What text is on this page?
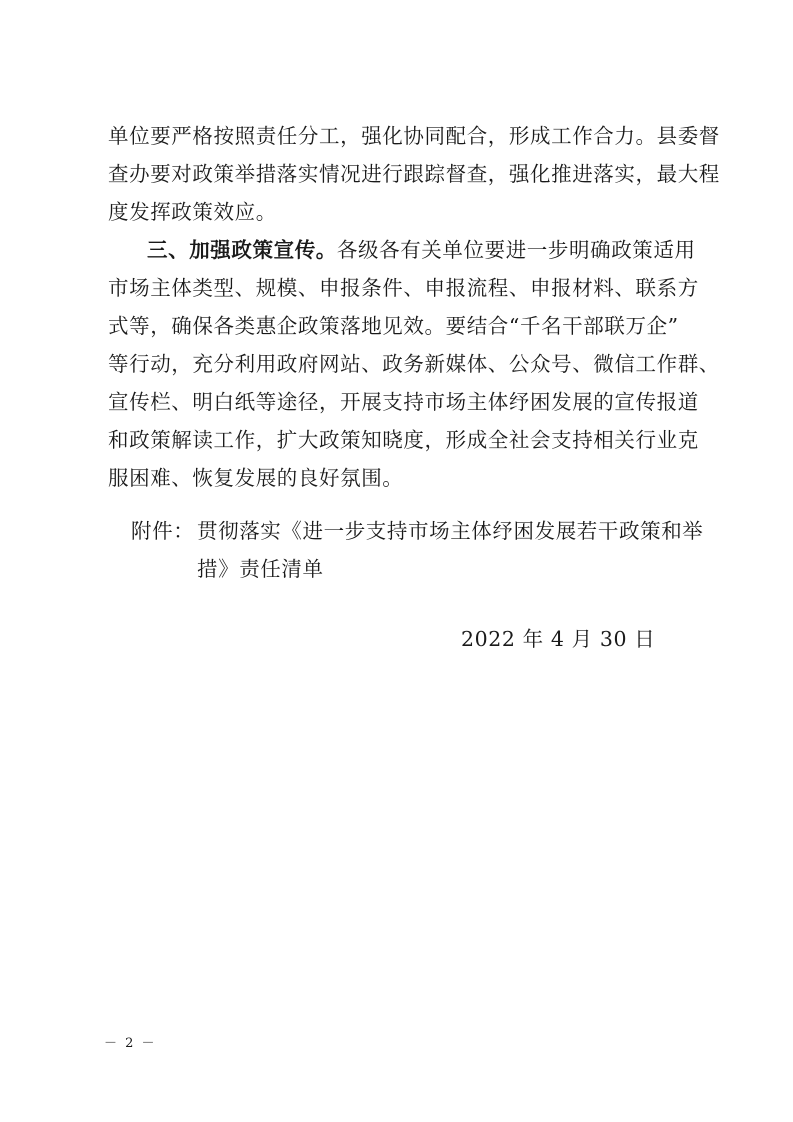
单位要严格按照责任分工，强化协同配合，形成工作合力。县委督
查办要对政策举措落实情况进行跟踪督查，强化推进落实，最大程
度发挥政策效应。
三、加强政策宣传。各级各有关单位要进一步明确政策适用
市场主体类型、规模、申报条件、申报流程、申报材料、联系方
式等，确保各类惠企政策落地见效。要结合“千名干部联万企”
等行动，充分利用政府网站、政务新媒体、公众号、微信工作群、
宣传栏、明白纸等途径，开展支持市场主体纾困发展的宣传报道
和政策解读工作，扩大政策知晓度，形成全社会支持相关行业克
服困难、恢复发展的良好氛围。
附件： 贯彻落实《进一步支持市场主体纾困发展若干政策和举
措》责任清单
2022 年 4 月 30 日
－ 2 －
